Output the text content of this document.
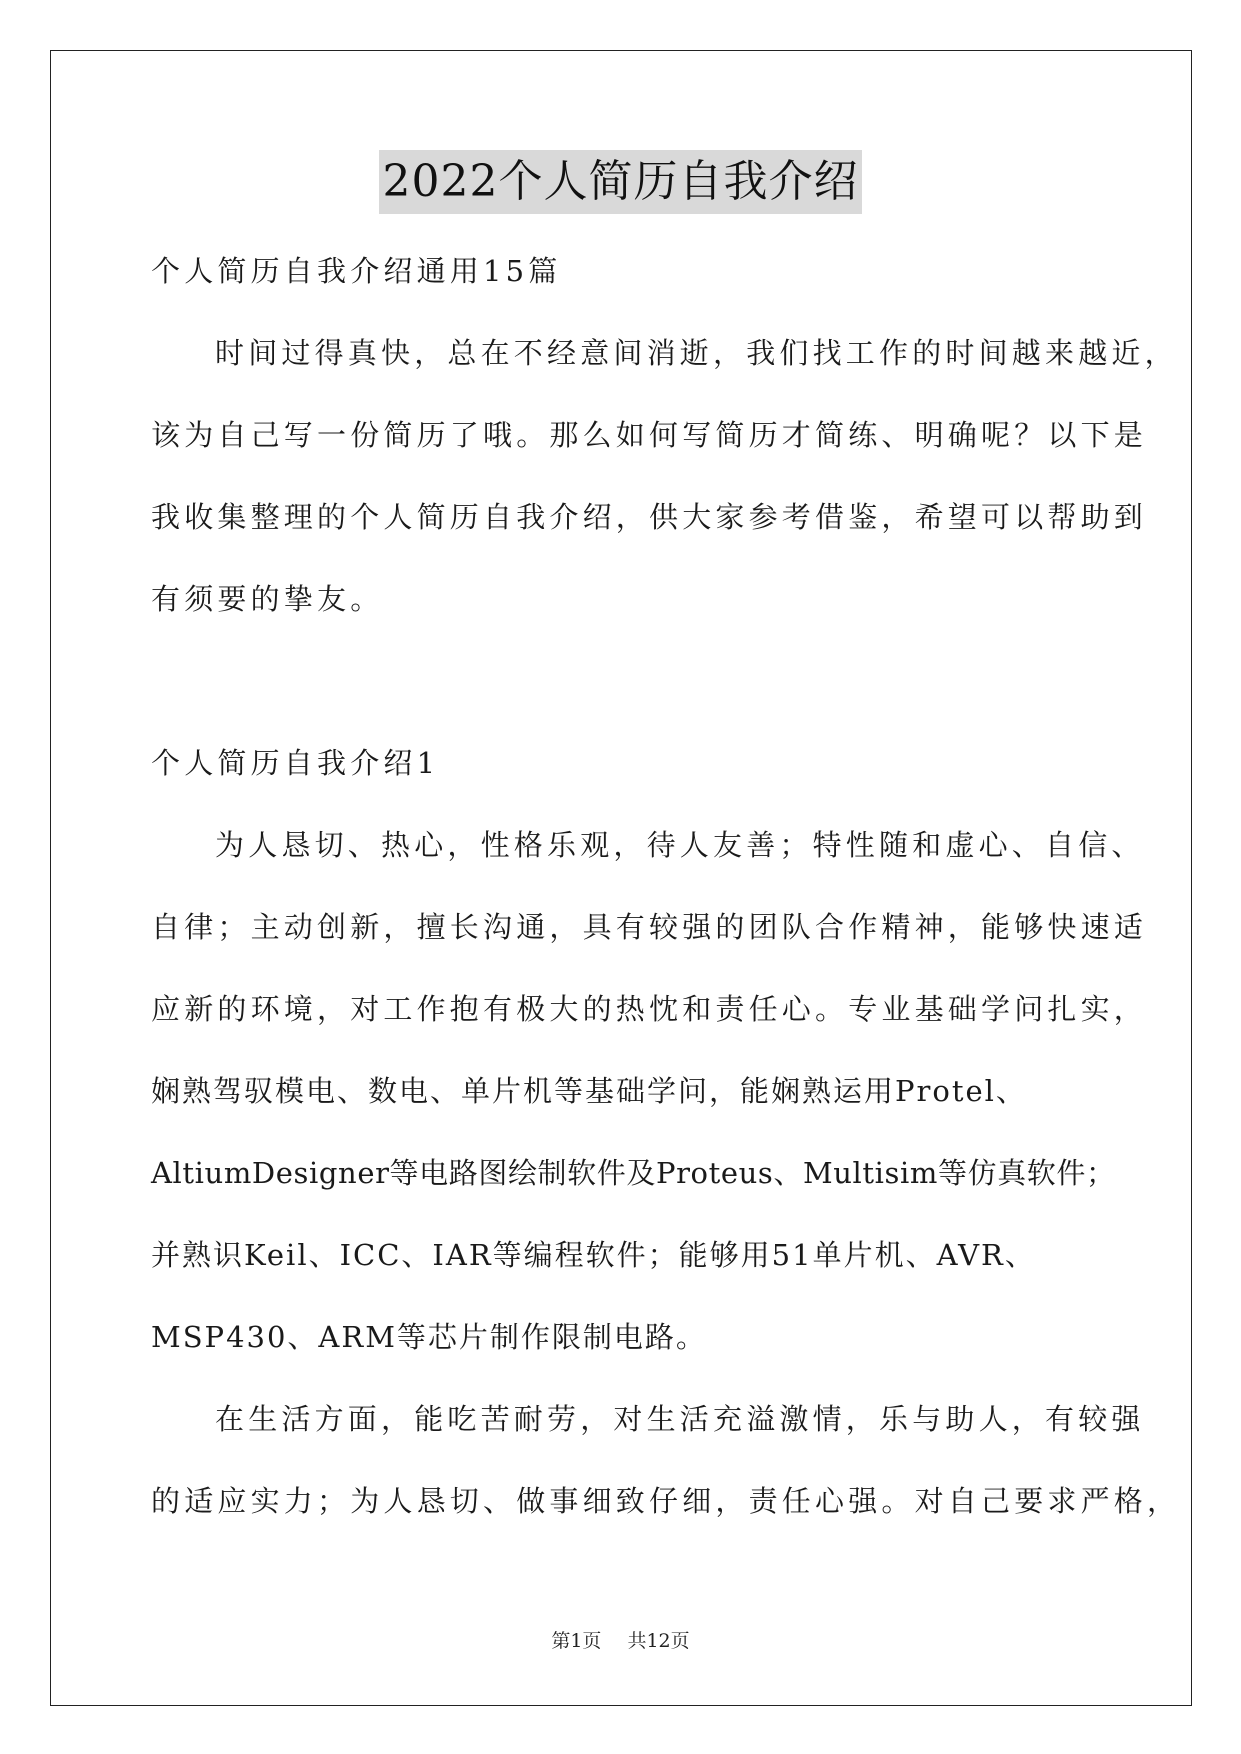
2022个人简历自我介绍
个人简历自我介绍通用15篇
时间过得真快，总在不经意间消逝，我们找工作的时间越来越近，
该为自己写一份简历了哦。那么如何写简历才简练、明确呢？以下是
我收集整理的个人简历自我介绍，供大家参考借鉴，希望可以帮助到
有须要的挚友。
个人简历自我介绍1
为人恳切、热心，性格乐观，待人友善；特性随和虚心、自信、
自律；主动创新，擅长沟通，具有较强的团队合作精神，能够快速适
应新的环境，对工作抱有极大的热忱和责任心。专业基础学问扎实，
娴熟驾驭模电、数电、单片机等基础学问，能娴熟运用Protel、
AltiumDesigner等电路图绘制软件及Proteus、Multisim等仿真软件；
并熟识Keil、ICC、IAR等编程软件；能够用51单片机、AVR、
MSP430、ARM等芯片制作限制电路。
在生活方面，能吃苦耐劳，对生活充溢激情，乐与助人，有较强
的适应实力；为人恳切、做事细致仔细，责任心强。对自己要求严格，
第1页 共12页
